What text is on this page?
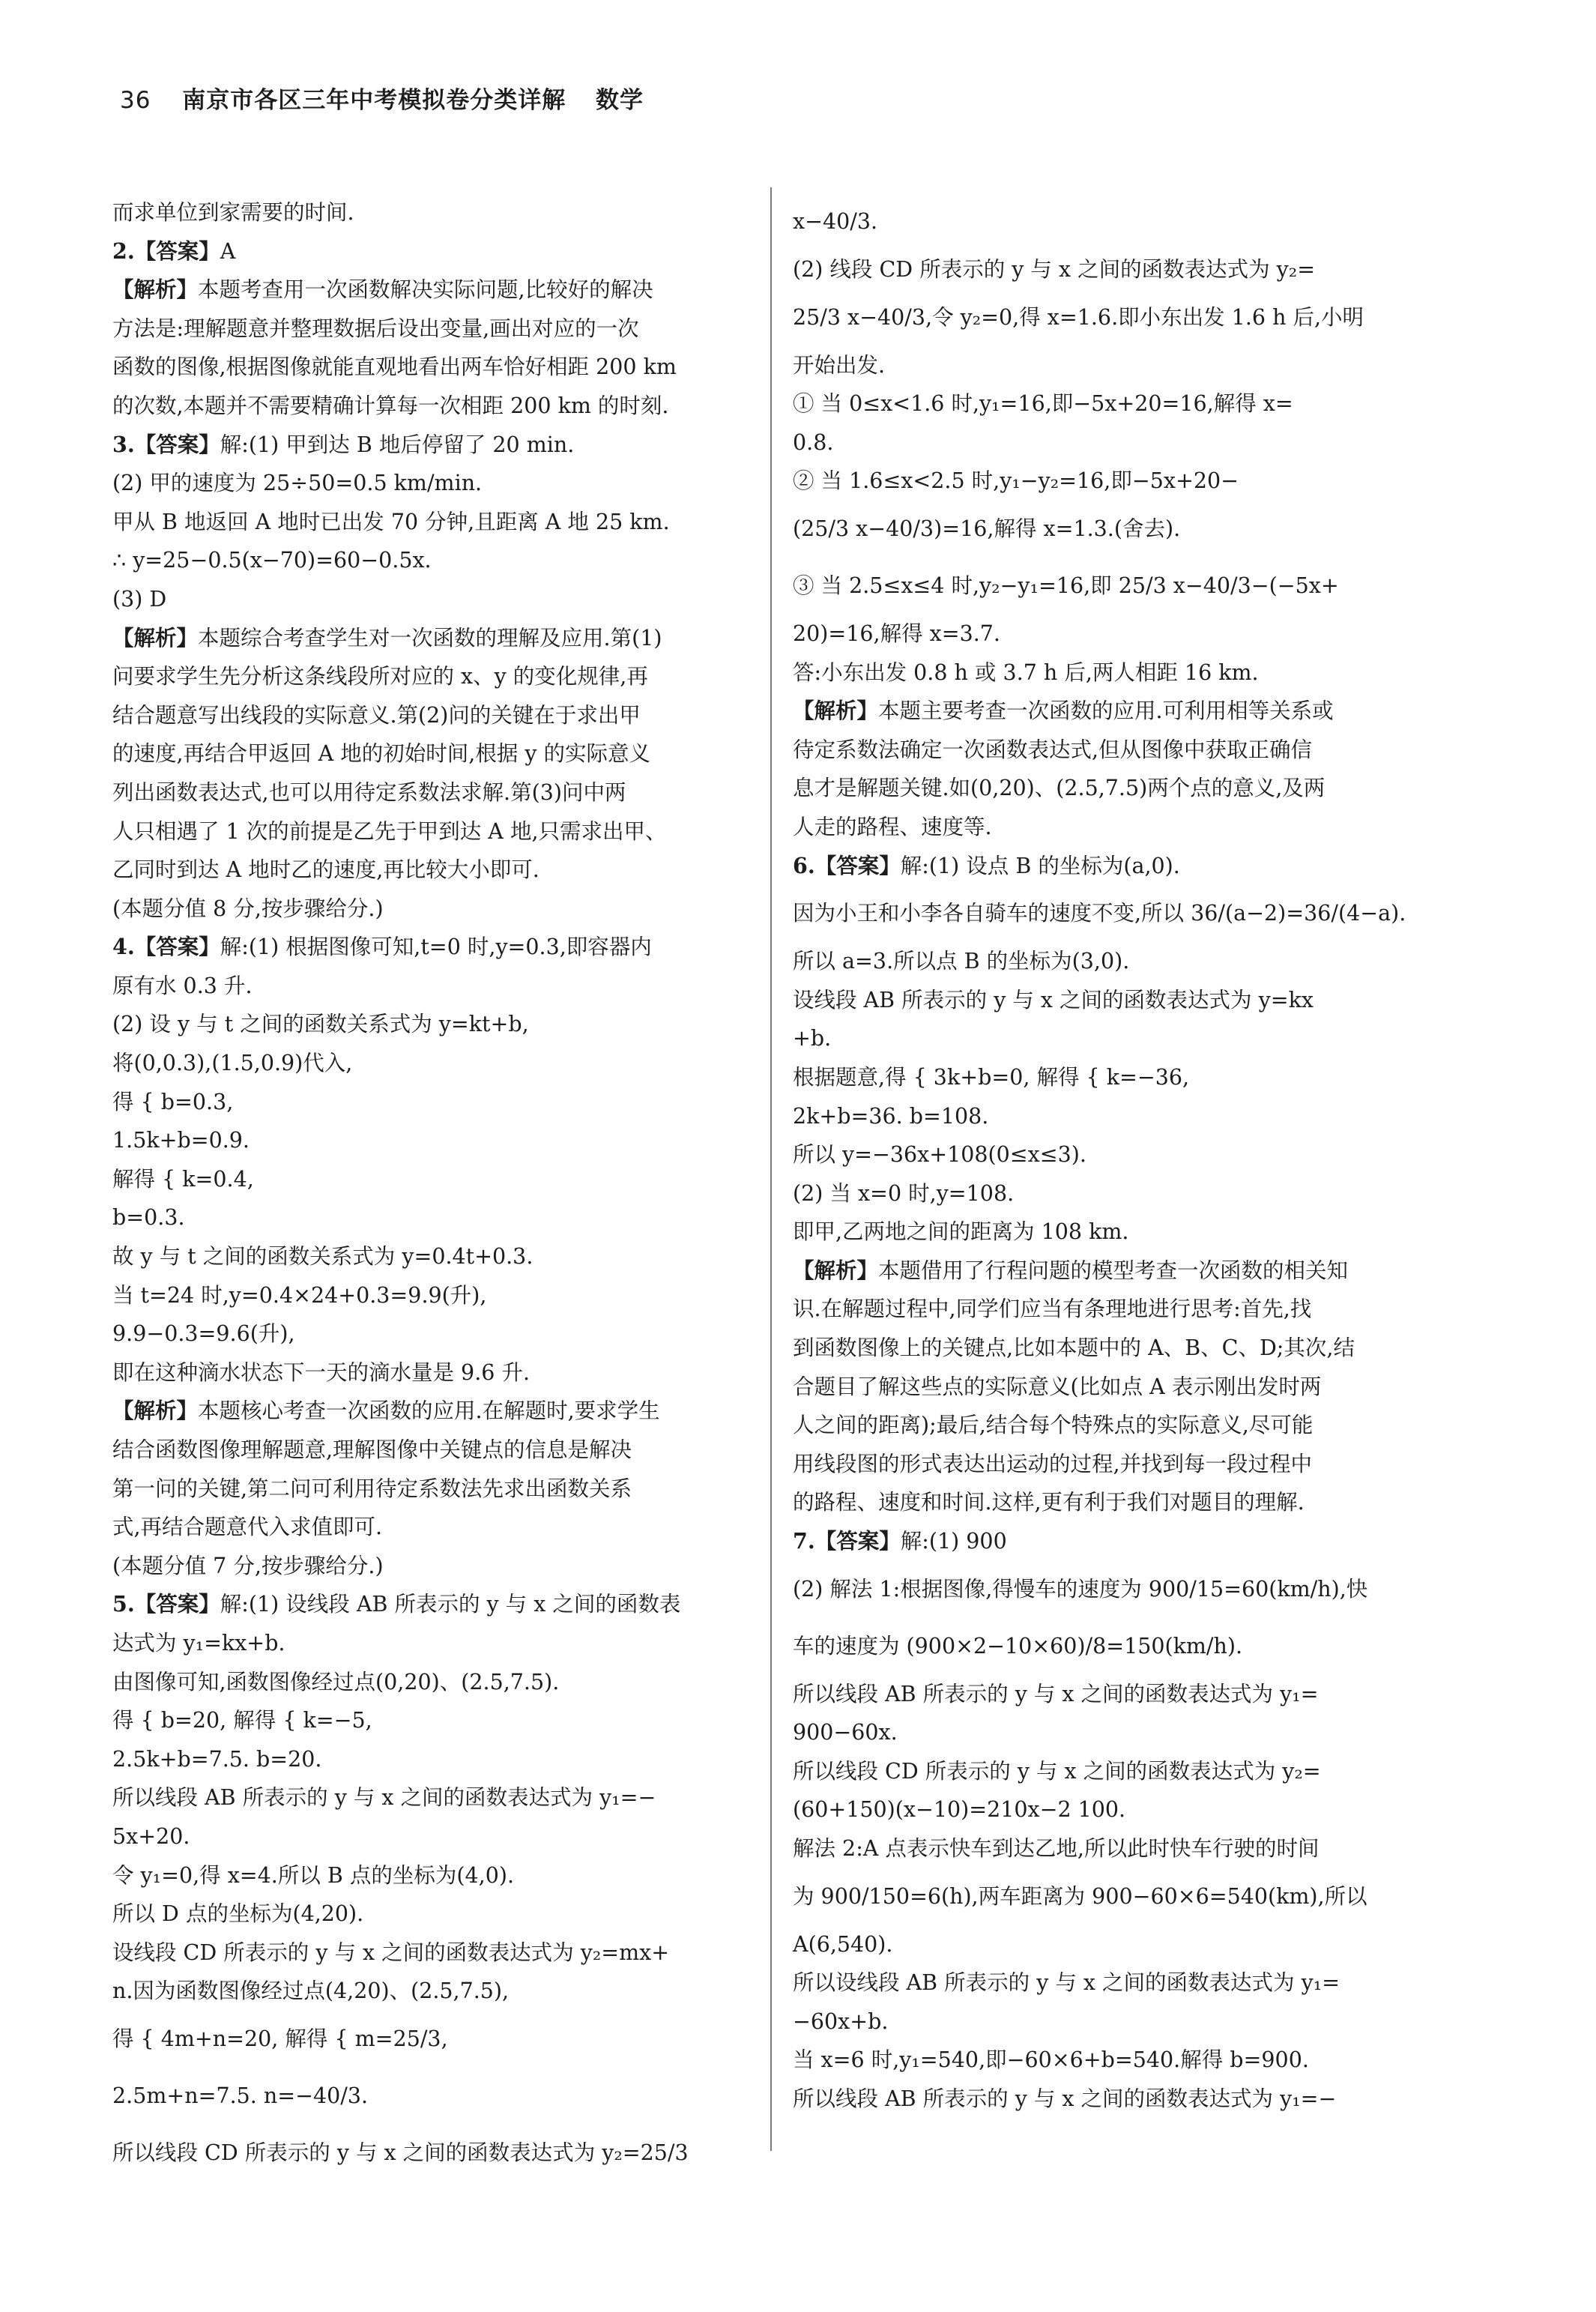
36 南京市各区三年中考模拟卷分类详解 数学
而求单位到家需要的时间.
2.【答案】A
【解析】本题考查用一次函数解决实际问题,比较好的解决
方法是:理解题意并整理数据后设出变量,画出对应的一次
函数的图像,根据图像就能直观地看出两车恰好相距 200 km
的次数,本题并不需要精确计算每一次相距 200 km 的时刻.
3.【答案】解:(1) 甲到达 B 地后停留了 20 min.
(2) 甲的速度为 25÷50=0.5 km/min.
甲从 B 地返回 A 地时已出发 70 分钟,且距离 A 地 25 km.
∴ y=25−0.5(x−70)=60−0.5x.
(3) D
【解析】本题综合考查学生对一次函数的理解及应用.第(1)
问要求学生先分析这条线段所对应的 x、y 的变化规律,再
结合题意写出线段的实际意义.第(2)问的关键在于求出甲
的速度,再结合甲返回 A 地的初始时间,根据 y 的实际意义
列出函数表达式,也可以用待定系数法求解.第(3)问中两
人只相遇了 1 次的前提是乙先于甲到达 A 地,只需求出甲、
乙同时到达 A 地时乙的速度,再比较大小即可.
(本题分值 8 分,按步骤给分.)
4.【答案】解:(1) 根据图像可知,t=0 时,y=0.3,即容器内
原有水 0.3 升.
(2) 设 y 与 t 之间的函数关系式为 y=kt+b,
将(0,0.3),(1.5,0.9)代入,
得 { b=0.3,
1.5k+b=0.9.
解得 { k=0.4,
b=0.3.
故 y 与 t 之间的函数关系式为 y=0.4t+0.3.
当 t=24 时,y=0.4×24+0.3=9.9(升),
9.9−0.3=9.6(升),
即在这种滴水状态下一天的滴水量是 9.6 升.
【解析】本题核心考查一次函数的应用.在解题时,要求学生
结合函数图像理解题意,理解图像中关键点的信息是解决
第一问的关键,第二问可利用待定系数法先求出函数关系
式,再结合题意代入求值即可.
(本题分值 7 分,按步骤给分.)
5.【答案】解:(1) 设线段 AB 所表示的 y 与 x 之间的函数表
达式为 y₁=kx+b.
由图像可知,函数图像经过点(0,20)、(2.5,7.5).
得 { b=20, 解得 { k=−5,
2.5k+b=7.5. b=20.
所以线段 AB 所表示的 y 与 x 之间的函数表达式为 y₁=−
5x+20.
令 y₁=0,得 x=4.所以 B 点的坐标为(4,0).
所以 D 点的坐标为(4,20).
设线段 CD 所表示的 y 与 x 之间的函数表达式为 y₂=mx+
n.因为函数图像经过点(4,20)、(2.5,7.5),
得 { 4m+n=20, 解得 { m=25/3,
2.5m+n=7.5. n=−40/3.
所以线段 CD 所表示的 y 与 x 之间的函数表达式为 y₂=25/3
x−40/3.
(2) 线段 CD 所表示的 y 与 x 之间的函数表达式为 y₂=
25/3 x−40/3,令 y₂=0,得 x=1.6.即小东出发 1.6 h 后,小明
开始出发.
① 当 0≤x<1.6 时,y₁=16,即−5x+20=16,解得 x=
0.8.
② 当 1.6≤x<2.5 时,y₁−y₂=16,即−5x+20−
(25/3 x−40/3)=16,解得 x=1.3.(舍去).
③ 当 2.5≤x≤4 时,y₂−y₁=16,即 25/3 x−40/3−(−5x+
20)=16,解得 x=3.7.
答:小东出发 0.8 h 或 3.7 h 后,两人相距 16 km.
【解析】本题主要考查一次函数的应用.可利用相等关系或
待定系数法确定一次函数表达式,但从图像中获取正确信
息才是解题关键.如(0,20)、(2.5,7.5)两个点的意义,及两
人走的路程、速度等.
6.【答案】解:(1) 设点 B 的坐标为(a,0).
因为小王和小李各自骑车的速度不变,所以 36/(a−2)=36/(4−a).
所以 a=3.所以点 B 的坐标为(3,0).
设线段 AB 所表示的 y 与 x 之间的函数表达式为 y=kx
+b.
根据题意,得 { 3k+b=0, 解得 { k=−36,
2k+b=36. b=108.
所以 y=−36x+108(0≤x≤3).
(2) 当 x=0 时,y=108.
即甲,乙两地之间的距离为 108 km.
【解析】本题借用了行程问题的模型考查一次函数的相关知
识.在解题过程中,同学们应当有条理地进行思考:首先,找
到函数图像上的关键点,比如本题中的 A、B、C、D;其次,结
合题目了解这些点的实际意义(比如点 A 表示刚出发时两
人之间的距离);最后,结合每个特殊点的实际意义,尽可能
用线段图的形式表达出运动的过程,并找到每一段过程中
的路程、速度和时间.这样,更有利于我们对题目的理解.
7.【答案】解:(1) 900
(2) 解法 1:根据图像,得慢车的速度为 900/15=60(km/h),快
车的速度为 (900×2−10×60)/8=150(km/h).
所以线段 AB 所表示的 y 与 x 之间的函数表达式为 y₁=
900−60x.
所以线段 CD 所表示的 y 与 x 之间的函数表达式为 y₂=
(60+150)(x−10)=210x−2 100.
解法 2:A 点表示快车到达乙地,所以此时快车行驶的时间
为 900/150=6(h),两车距离为 900−60×6=540(km),所以
A(6,540).
所以设线段 AB 所表示的 y 与 x 之间的函数表达式为 y₁=
−60x+b.
当 x=6 时,y₁=540,即−60×6+b=540.解得 b=900.
所以线段 AB 所表示的 y 与 x 之间的函数表达式为 y₁=−
